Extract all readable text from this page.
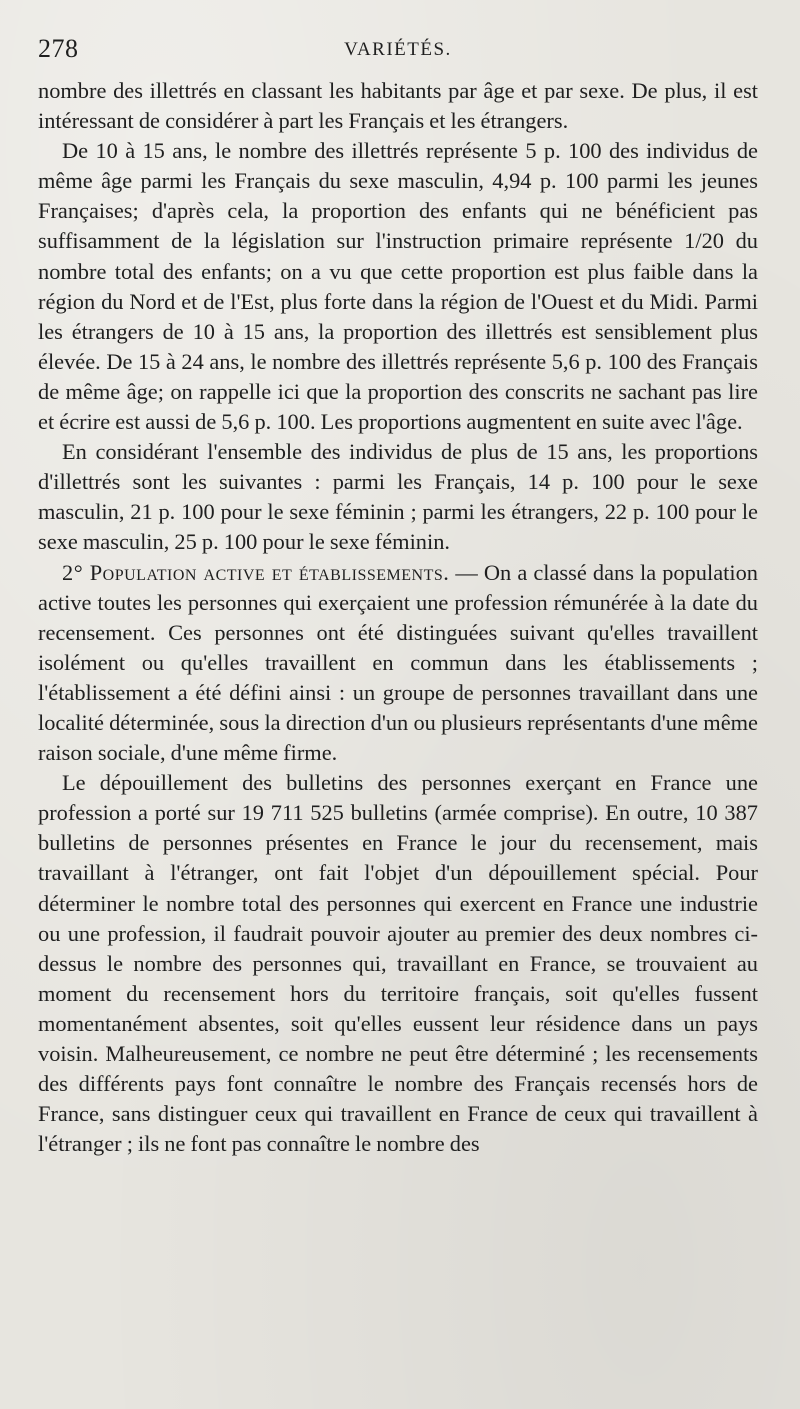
278	VARIÉTÉS.

nombre des illettrés en classant les habitants par âge et par sexe. De plus, il est intéressant de considérer à part les Français et les étrangers.

De 10 à 15 ans, le nombre des illettrés représente 5 p. 100 des individus de même âge parmi les Français du sexe masculin, 4,94 p. 100 parmi les jeunes Françaises; d'après cela, la proportion des enfants qui ne bénéficient pas suffisamment de la législation sur l'instruction primaire représente 1/20 du nombre total des enfants; on a vu que cette proportion est plus faible dans la région du Nord et de l'Est, plus forte dans la région de l'Ouest et du Midi. Parmi les étrangers de 10 à 15 ans, la proportion des illettrés est sensiblement plus élevée. De 15 à 24 ans, le nombre des illettrés représente 5,6 p. 100 des Français de même âge; on rappelle ici que la proportion des conscrits ne sachant pas lire et écrire est aussi de 5,6 p. 100. Les proportions augmentent en suite avec l'âge.

En considérant l'ensemble des individus de plus de 15 ans, les proportions d'illettrés sont les suivantes : parmi les Français, 14 p. 100 pour le sexe masculin, 21 p. 100 pour le sexe féminin ; parmi les étrangers, 22 p. 100 pour le sexe masculin, 25 p. 100 pour le sexe féminin.

2° Population active et établissements. — On a classé dans la population active toutes les personnes qui exerçaient une profession rémunérée à la date du recensement. Ces personnes ont été distinguées suivant qu'elles travaillent isolément ou qu'elles travaillent en commun dans les établissements ; l'établissement a été défini ainsi : un groupe de personnes travaillant dans une localité déterminée, sous la direction d'un ou plusieurs représentants d'une même raison sociale, d'une même firme.

Le dépouillement des bulletins des personnes exerçant en France une profession a porté sur 19 711 525 bulletins (armée comprise). En outre, 10 387 bulletins de personnes présentes en France le jour du recensement, mais travaillant à l'étranger, ont fait l'objet d'un dépouillement spécial. Pour déterminer le nombre total des personnes qui exercent en France une industrie ou une profession, il faudrait pouvoir ajouter au premier des deux nombres ci-dessus le nombre des personnes qui, travaillant en France, se trouvaient au moment du recensement hors du territoire français, soit qu'elles fussent momentanément absentes, soit qu'elles eussent leur résidence dans un pays voisin. Malheureusement, ce nombre ne peut être déterminé ; les recensements des différents pays font connaître le nombre des Français recensés hors de France, sans distinguer ceux qui travaillent en France de ceux qui travaillent à l'étranger ; ils ne font pas connaître le nombre des
